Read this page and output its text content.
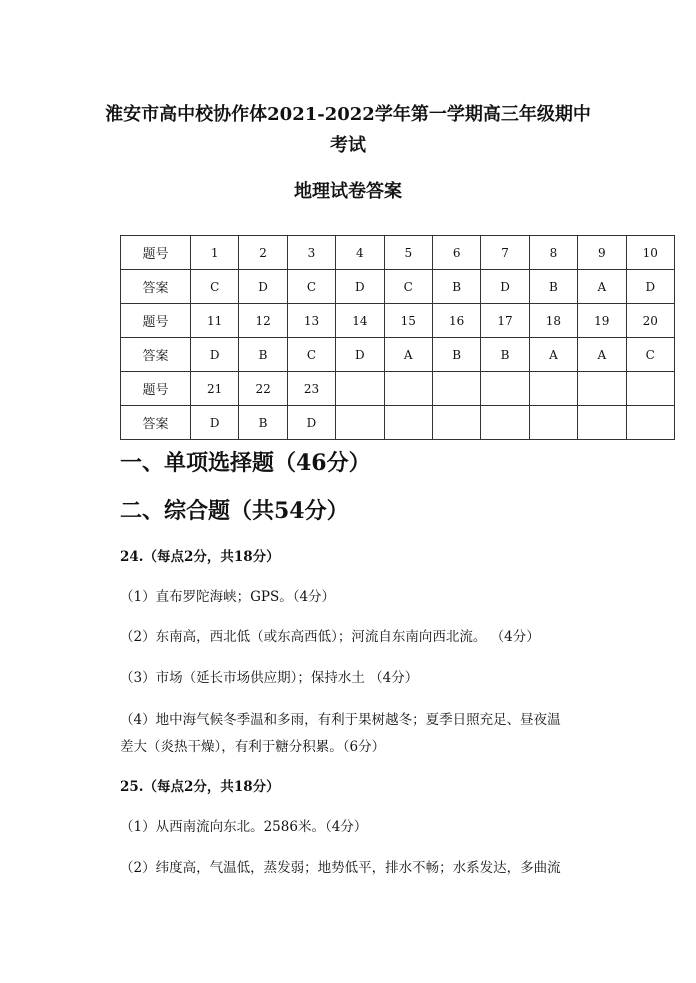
淮安市高中校协作体2021-2022学年第一学期高三年级期中
考试
地理试卷答案
题号	1	2	3	4	5	6	7	8	9	10
答案	C	D	C	D	C	B	D	B	A	D
题号	11	12	13	14	15	16	17	18	19	20
答案	D	B	C	D	A	B	B	A	A	C
题号	21	22	23							
答案	D	B	D							
一、单项选择题（46分）
二、综合题（共54分）
24.（每点2分，共18分）
（1）直布罗陀海峡；GPS。（4分）
（2）东南高，西北低（或东高西低）；河流自东南向西北流。 （4分）
（3）市场（延长市场供应期）；保持水土 （4分）
（4）地中海气候冬季温和多雨，有利于果树越冬；夏季日照充足、昼夜温
差大（炎热干燥），有利于糖分积累。（6分）
25.（每点2分，共18分）
（1）从西南流向东北。2586米。（4分）
（2）纬度高，气温低，蒸发弱；地势低平，排水不畅；水系发达，多曲流
